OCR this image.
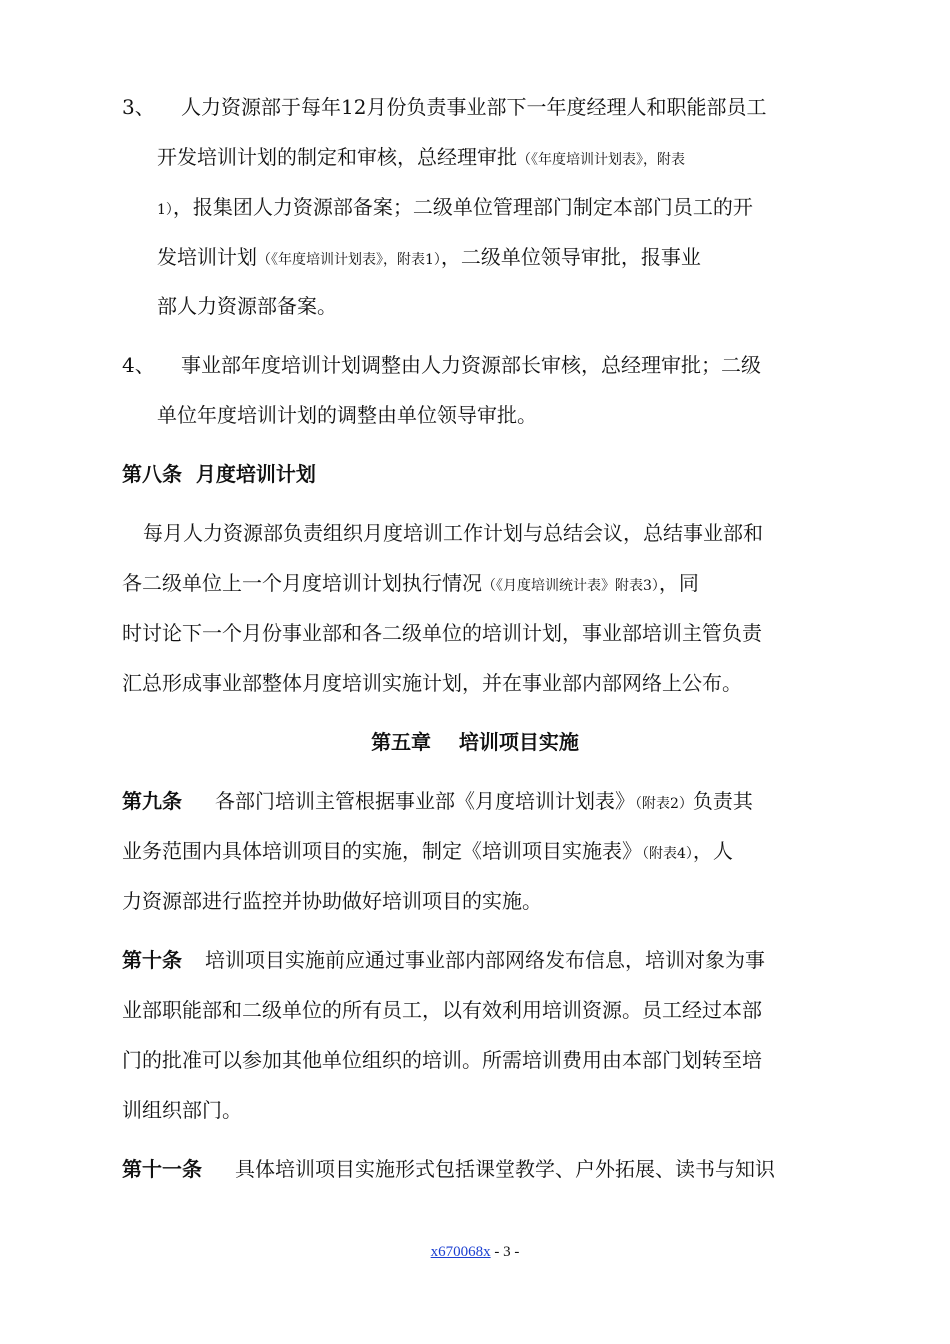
3、 人力资源部于每年12月份负责事业部下一年度经理人和职能部员工
开发培训计划的制定和审核，总经理审批（《年度培训计划表》，附表
1），报集团人力资源部备案；二级单位管理部门制定本部门员工的开
发培训计划（《年度培训计划表》，附表1），二级单位领导审批，报事业
部人力资源部备案。
4、 事业部年度培训计划调整由人力资源部长审核，总经理审批；二级
单位年度培训计划的调整由单位领导审批。
第八条  月度培训计划
每月人力资源部负责组织月度培训工作计划与总结会议，总结事业部和
各二级单位上一个月度培训计划执行情况（《月度培训统计表》附表3），同
时讨论下一个月份事业部和各二级单位的培训计划，事业部培训主管负责
汇总形成事业部整体月度培训实施计划，并在事业部内部网络上公布。
第五章    培训项目实施
第九条 各部门培训主管根据事业部《月度培训计划表》（附表2）负责其
业务范围内具体培训项目的实施，制定《培训项目实施表》（附表4），人
力资源部进行监控并协助做好培训项目的实施。
第十条 培训项目实施前应通过事业部内部网络发布信息，培训对象为事
业部职能部和二级单位的所有员工，以有效利用培训资源。员工经过本部
门的批准可以参加其他单位组织的培训。所需培训费用由本部门划转至培
训组织部门。
第十一条 具体培训项目实施形式包括课堂教学、户外拓展、读书与知识
x670068x - 3 -
